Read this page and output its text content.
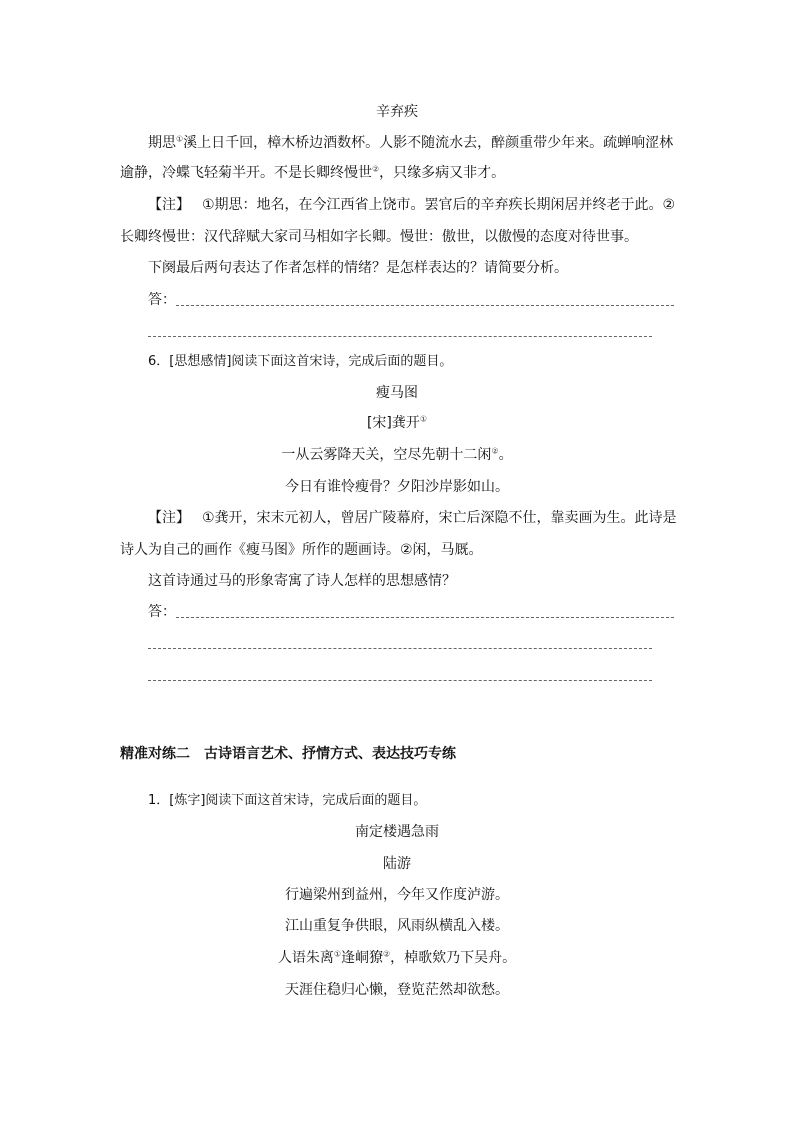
辛弃疾
期思①溪上日千回，樟木桥边酒数杯。人影不随流水去，醉颜重带少年来。疏蝉响涩林
逾静，冷蝶飞轻菊半开。不是长卿终慢世②，只缘多病又非才。
【注】 ①期思：地名，在今江西省上饶市。罢官后的辛弃疾长期闲居并终老于此。②
长卿终慢世：汉代辞赋大家司马相如字长卿。慢世：傲世，以傲慢的态度对待世事。
下阕最后两句表达了作者怎样的情绪？是怎样表达的？请简要分析。
答：
6．[思想感情]阅读下面这首宋诗，完成后面的题目。
瘦马图
[宋]龚开①
一从云雾降天关，空尽先朝十二闲②。
今日有谁怜瘦骨？夕阳沙岸影如山。
【注】 ①龚开，宋末元初人，曾居广陵幕府，宋亡后深隐不仕，靠卖画为生。此诗是
诗人为自己的画作《瘦马图》所作的题画诗。②闲，马厩。
这首诗通过马的形象寄寓了诗人怎样的思想感情？
答：
精准对练二　古诗语言艺术、抒情方式、表达技巧专练
1．[炼字]阅读下面这首宋诗，完成后面的题目。
南定楼遇急雨
陆游
行遍梁州到益州，今年又作度泸游。
江山重复争供眼，风雨纵横乱入楼。
人语朱离①逢峒獠②，棹歌欸乃下吴舟。
天涯住稳归心懒，登览茫然却欲愁。
